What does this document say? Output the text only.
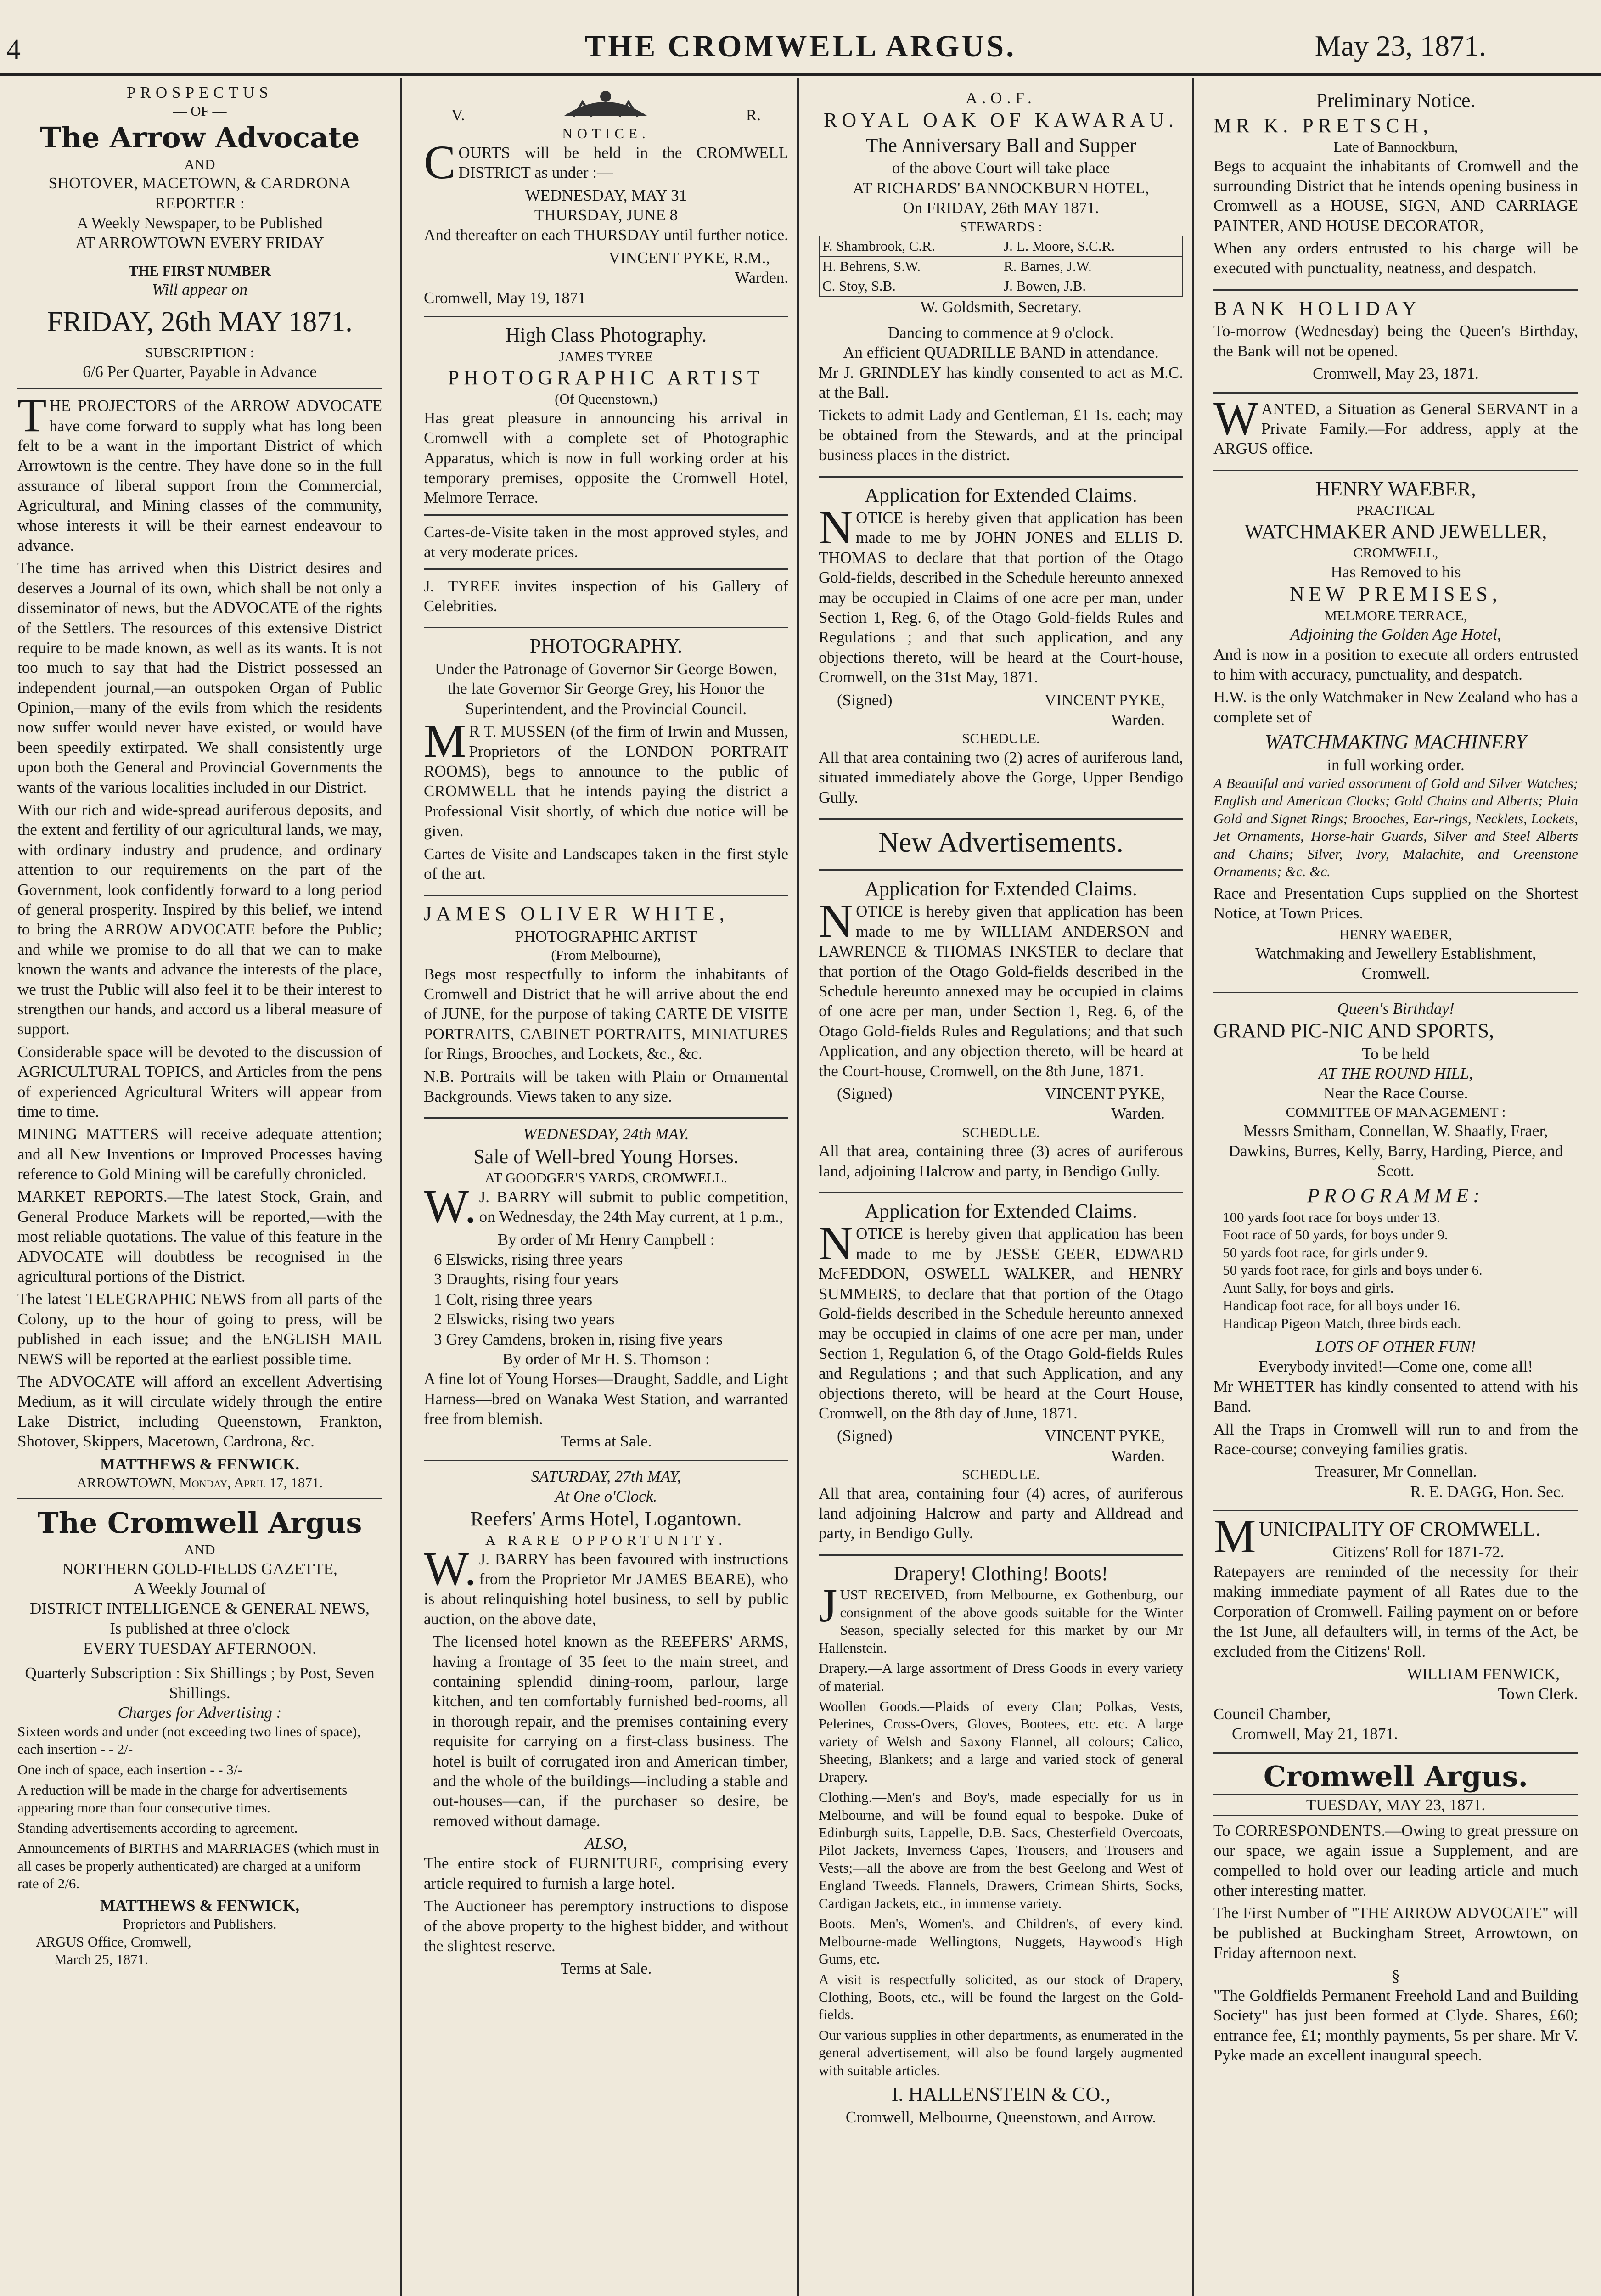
4	THE CROMWELL ARGUS.	May 23, 1871.
PROSPECTUS
— OF —
The Arrow Advocate
AND
SHOTOVER, MACETOWN, & CARDRONA
REPORTER :
A Weekly Newspaper, to be Published
AT ARROWTOWN EVERY FRIDAY
THE FIRST NUMBER
Will appear on
FRIDAY, 26th MAY 1871.
SUBSCRIPTION :
6/6 Per Quarter, Payable in Advance

THE PROJECTORS of the ARROW ADVOCATE have come forward to supply what has long been felt to be a want in the important District of which Arrowtown is the centre. They have done so in the full assurance of liberal support from the Commercial, Agricultural, and Mining classes of the community, whose interests it will be their earnest endeavour to advance.

The time has arrived when this District desires and deserves a Journal of its own, which shall be not only a disseminator of news, but the ADVOCATE of the rights of the Settlers. The resources of this extensive District require to be made known, as well as its wants. It is not too much to say that had the District possessed an independent journal,—an outspoken Organ of Public Opinion,—many of the evils from which the residents now suffer would never have existed, or would have been speedily extirpated. We shall consistently urge upon both the General and Provincial Governments the wants of the various localities included in our District.

With our rich and wide-spread auriferous deposits, and the extent and fertility of our agricultural lands, we may, with ordinary industry and prudence, and ordinary attention to our requirements on the part of the Government, look confidently forward to a long period of general prosperity. Inspired by this belief, we intend to bring the ARROW ADVOCATE before the Public; and while we promise to do all that we can to make known the wants and advance the interests of the place, we trust the Public will also feel it to be their interest to strengthen our hands, and accord us a liberal measure of support.

Considerable space will be devoted to the discussion of AGRICULTURAL TOPICS, and Articles from the pens of experienced Agricultural Writers will appear from time to time.

MINING MATTERS will receive adequate attention; and all New Inventions or Improved Processes having reference to Gold Mining will be carefully chronicled.

MARKET REPORTS.—The latest Stock, Grain, and General Produce Markets will be reported,—with the most reliable quotations. The value of this feature in the ADVOCATE will doubtless be recognised in the agricultural portions of the District.

The latest TELEGRAPHIC NEWS from all parts of the Colony, up to the hour of going to press, will be published in each issue; and the ENGLISH MAIL NEWS will be reported at the earliest possible time.

The ADVOCATE will afford an excellent Advertising Medium, as it will circulate widely through the entire Lake District, including Queenstown, Frankton, Shotover, Skippers, Macetown, Cardrona, &c.

MATTHEWS & FENWICK.
ARROWTOWN, Monday, April 17, 1871.
The Cromwell Argus
AND
NORTHERN GOLD-FIELDS GAZETTE,
A Weekly Journal of
DISTRICT INTELLIGENCE & GENERAL NEWS,
Is published at three o'clock
EVERY TUESDAY AFTERNOON.
Quarterly Subscription : Six Shillings ; by Post, Seven Shillings.
Charges for Advertising :

Sixteen words and under (not exceeding two lines of space), each insertion - - 2/-

One inch of space, each insertion - - 3/-

A reduction will be made in the charge for advertisements appearing more than four consecutive times.

Standing advertisements according to agreement.

Announcements of BIRTHS and MARRIAGES (which must in all cases be properly authenticated) are charged at a uniform rate of 2/6.

MATTHEWS & FENWICK,
Proprietors and Publishers.
ARGUS Office, Cromwell,
March 25, 1871.
V.	R.
NOTICE.

COURTS will be held in the CROMWELL DISTRICT as under :—

WEDNESDAY, MAY 31
THURSDAY, JUNE 8

And thereafter on each THURSDAY until further notice.

VINCENT PYKE, R.M.,
Warden.
Cromwell, May 19, 1871
High Class Photography.
JAMES TYREE
PHOTOGRAPHIC ARTIST
(Of Queenstown,)

Has great pleasure in announcing his arrival in Cromwell with a complete set of Photographic Apparatus, which is now in full working order at his temporary premises, opposite the Cromwell Hotel, Melmore Terrace.

Cartes-de-Visite taken in the most approved styles, and at very moderate prices.

J. TYREE invites inspection of his Gallery of Celebrities.

PHOTOGRAPHY.

Under the Patronage of Governor Sir George Bowen, the late Governor Sir George Grey, his Honor the Superintendent, and the Provincial Council.

MR T. MUSSEN (of the firm of Irwin and Mussen, Proprietors of the LONDON PORTRAIT ROOMS), begs to announce to the public of CROMWELL that he intends paying the district a Professional Visit shortly, of which due notice will be given.

Cartes de Visite and Landscapes taken in the first style of the art.

JAMES OLIVER WHITE,
PHOTOGRAPHIC ARTIST
(From Melbourne),

Begs most respectfully to inform the inhabitants of Cromwell and District that he will arrive about the end of JUNE, for the purpose of taking CARTE DE VISITE PORTRAITS, CABINET PORTRAITS, MINIATURES for Rings, Brooches, and Lockets, &c., &c.

N.B. Portraits will be taken with Plain or Ornamental Backgrounds. Views taken to any size.

WEDNESDAY, 24th MAY.
Sale of Well-bred Young Horses.
AT GOODGER'S YARDS, CROMWELL.

W.J. BARRY will submit to public competition, on Wednesday, the 24th May current, at 1 p.m.,

By order of Mr Henry Campbell :
6 Elswicks, rising three years
3 Draughts, rising four years
1 Colt, rising three years
2 Elswicks, rising two years
3 Grey Camdens, broken in, rising five years
By order of Mr H. S. Thomson :

A fine lot of Young Horses—Draught, Saddle, and Light Harness—bred on Wanaka West Station, and warranted free from blemish.

Terms at Sale.
SATURDAY, 27th MAY,
At One o'Clock.
Reefers' Arms Hotel, Logantown.
A RARE OPPORTUNITY.

W.J. BARRY has been favoured with instructions from the Proprietor Mr JAMES BEARE), who is about relinquishing hotel business, to sell by public auction, on the above date,

The licensed hotel known as the REEFERS' ARMS, having a frontage of 35 feet to the main street, and containing splendid dining-room, parlour, large kitchen, and ten comfortably furnished bed-rooms, all in thorough repair, and the premises containing every requisite for carrying on a first-class business. The hotel is built of corrugated iron and American timber, and the whole of the buildings—including a stable and out-houses—can, if the purchaser so desire, be removed without damage.

ALSO,

The entire stock of FURNITURE, comprising every article required to furnish a large hotel.

The Auctioneer has peremptory instructions to dispose of the above property to the highest bidder, and without the slightest reserve.

Terms at Sale.
A.O.F.
ROYAL OAK OF KAWARAU.
The Anniversary Ball and Supper
of the above Court will take place
AT RICHARDS' BANNOCKBURN HOTEL,
On FRIDAY, 26th MAY 1871.
STEWARDS :
F. Shambrook, C.R.	J. L. Moore, S.C.R.
H. Behrens, S.W.	R. Barnes, J.W.
C. Stoy, S.B.	J. Bowen, J.B.
W. Goldsmith, Secretary.
Dancing to commence at 9 o'clock.
An efficient QUADRILLE BAND in attendance.

Mr J. GRINDLEY has kindly consented to act as M.C. at the Ball.

Tickets to admit Lady and Gentleman, £1 1s. each; may be obtained from the Stewards, and at the principal business places in the district.

Application for Extended Claims.

NOTICE is hereby given that application has been made to me by JOHN JONES and ELLIS D. THOMAS to declare that that portion of the Otago Gold-fields, described in the Schedule hereunto annexed may be occupied in Claims of one acre per man, under Section 1, Reg. 6, of the Otago Gold-fields Rules and Regulations ; and that such application, and any objections thereto, will be heard at the Court-house, Cromwell, on the 31st May, 1871.

(Signed)	VINCENT PYKE,
Warden.
SCHEDULE.

All that area containing two (2) acres of auriferous land, situated immediately above the Gorge, Upper Bendigo Gully.

New Advertisements.
Application for Extended Claims.

NOTICE is hereby given that application has been made to me by WILLIAM ANDERSON and LAWRENCE & THOMAS INKSTER to declare that that portion of the Otago Gold-fields described in the Schedule hereunto annexed may be occupied in claims of one acre per man, under Section 1, Reg. 6, of the Otago Gold-fields Rules and Regulations; and that such Application, and any objection thereto, will be heard at the Court-house, Cromwell, on the 8th June, 1871.

(Signed)	VINCENT PYKE,
Warden.
SCHEDULE.

All that area, containing three (3) acres of auriferous land, adjoining Halcrow and party, in Bendigo Gully.

Application for Extended Claims.

NOTICE is hereby given that application has been made to me by JESSE GEER, EDWARD McFEDDON, OSWELL WALKER, and HENRY SUMMERS, to declare that that portion of the Otago Gold-fields described in the Schedule hereunto annexed may be occupied in claims of one acre per man, under Section 1, Regulation 6, of the Otago Gold-fields Rules and Regulations ; and that such Application, and any objections thereto, will be heard at the Court House, Cromwell, on the 8th day of June, 1871.

(Signed)	VINCENT PYKE,
Warden.
SCHEDULE.

All that area, containing four (4) acres, of auriferous land adjoining Halcrow and party and Alldread and party, in Bendigo Gully.

Drapery! Clothing! Boots!

JUST RECEIVED, from Melbourne, ex Gothenburg, our consignment of the above goods suitable for the Winter Season, specially selected for this market by our Mr Hallenstein.

Drapery.—A large assortment of Dress Goods in every variety of material.

Woollen Goods.—Plaids of every Clan; Polkas, Vests, Pelerines, Cross-Overs, Gloves, Bootees, etc. etc. A large variety of Welsh and Saxony Flannel, all colours; Calico, Sheeting, Blankets; and a large and varied stock of general Drapery.

Clothing.—Men's and Boy's, made especially for us in Melbourne, and will be found equal to bespoke. Duke of Edinburgh suits, Lappelle, D.B. Sacs, Chesterfield Overcoats, Pilot Jackets, Inverness Capes, Trousers, and Trousers and Vests;—all the above are from the best Geelong and West of England Tweeds. Flannels, Drawers, Crimean Shirts, Socks, Cardigan Jackets, etc., in immense variety.

Boots.—Men's, Women's, and Children's, of every kind. Melbourne-made Wellingtons, Nuggets, Haywood's High Gums, etc.

A visit is respectfully solicited, as our stock of Drapery, Clothing, Boots, etc., will be found the largest on the Gold-fields.

Our various supplies in other departments, as enumerated in the general advertisement, will also be found largely augmented with suitable articles.

I. HALLENSTEIN & CO.,
Cromwell, Melbourne, Queenstown, and Arrow.
Preliminary Notice.
MR K. PRETSCH,
Late of Bannockburn,

Begs to acquaint the inhabitants of Cromwell and the surrounding District that he intends opening business in Cromwell as a HOUSE, SIGN, AND CARRIAGE PAINTER, AND HOUSE DECORATOR,

When any orders entrusted to his charge will be executed with punctuality, neatness, and despatch.

BANK HOLIDAY

To-morrow (Wednesday) being the Queen's Birthday, the Bank will not be opened.

Cromwell, May 23, 1871.

WANTED, a Situation as General SERVANT in a Private Family.—For address, apply at the ARGUS office.

HENRY WAEBER,
PRACTICAL
WATCHMAKER AND JEWELLER,
CROMWELL,
Has Removed to his
NEW PREMISES,
MELMORE TERRACE,
Adjoining the Golden Age Hotel,

And is now in a position to execute all orders entrusted to him with accuracy, punctuality, and despatch.

H.W. is the only Watchmaker in New Zealand who has a complete set of

WATCHMAKING MACHINERY
in full working order.

A Beautiful and varied assortment of Gold and Silver Watches; English and American Clocks; Gold Chains and Alberts; Plain Gold and Signet Rings; Brooches, Ear-rings, Necklets, Lockets, Jet Ornaments, Horse-hair Guards, Silver and Steel Alberts and Chains; Silver, Ivory, Malachite, and Greenstone Ornaments; &c. &c.

Race and Presentation Cups supplied on the Shortest Notice, at Town Prices.

HENRY WAEBER,
Watchmaking and Jewellery Establishment,
Cromwell.
Queen's Birthday!
GRAND PIC-NIC AND SPORTS,
To be held
AT THE ROUND HILL,
Near the Race Course.
COMMITTEE OF MANAGEMENT :

Messrs Smitham, Connellan, W. Shaafly, Fraer, Dawkins, Burres, Kelly, Barry, Harding, Pierce, and Scott.

PROGRAMME:
100 yards foot race for boys under 13.
Foot race of 50 yards, for boys under 9.
50 yards foot race, for girls under 9.
50 yards foot race, for girls and boys under 6.
Aunt Sally, for boys and girls.
Handicap foot race, for all boys under 16.
Handicap Pigeon Match, three birds each.
LOTS OF OTHER FUN!
Everybody invited!—Come one, come all!

Mr WHETTER has kindly consented to attend with his Band.

All the Traps in Cromwell will run to and from the Race-course; conveying families gratis.

Treasurer, Mr Connellan.
R. E. DAGG, Hon. Sec.
MUNICIPALITY OF CROMWELL.
Citizens' Roll for 1871-72.

Ratepayers are reminded of the necessity for their making immediate payment of all Rates due to the Corporation of Cromwell. Failing payment on or before the 1st June, all defaulters will, in terms of the Act, be excluded from the Citizens' Roll.

WILLIAM FENWICK,
Town Clerk.
Council Chamber,
Cromwell, May 21, 1871.
Cromwell Argus.
TUESDAY, MAY 23, 1871.

To CORRESPONDENTS.—Owing to great pressure on our space, we again issue a Supplement, and are compelled to hold over our leading article and much other interesting matter.

The First Number of "THE ARROW ADVOCATE" will be published at Buckingham Street, Arrowtown, on Friday afternoon next.

§

"The Goldfields Permanent Freehold Land and Building Society" has just been formed at Clyde. Shares, £60; entrance fee, £1; monthly payments, 5s per share. Mr V. Pyke made an excellent inaugural speech.
